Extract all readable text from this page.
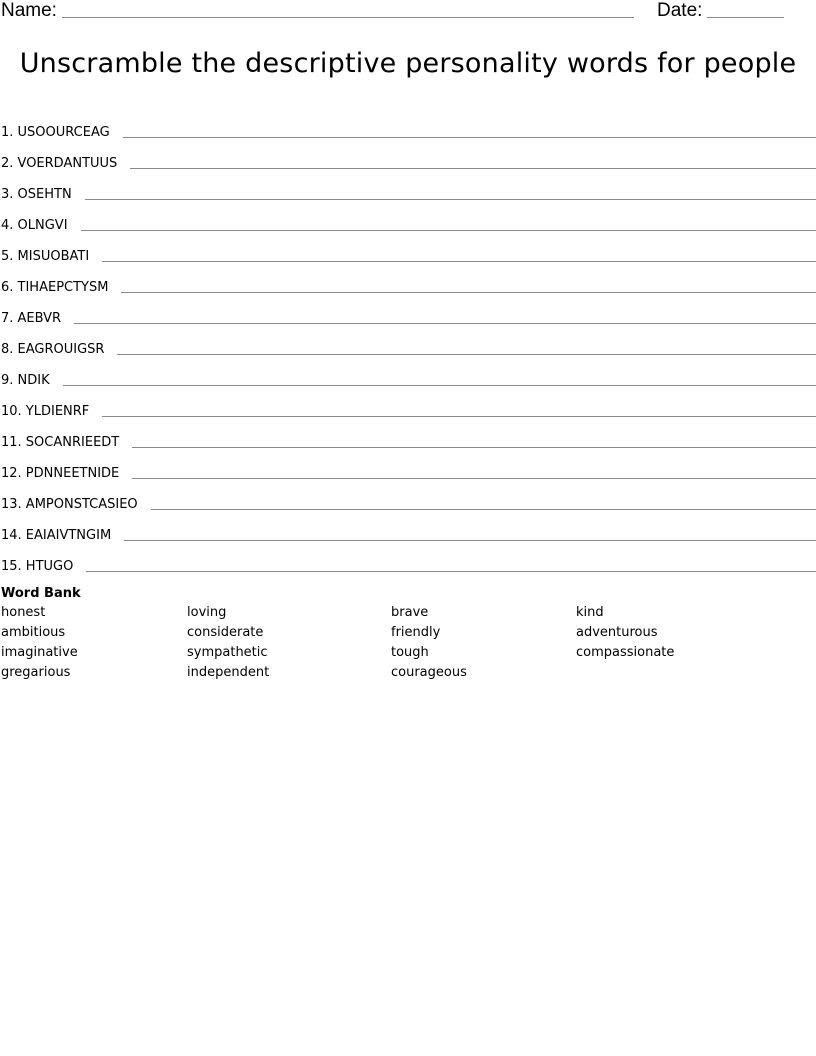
Name:	Date:
Unscramble the descriptive personality words for people
1. USOOURCEAG
2. VOERDANTUUS
3. OSEHTN
4. OLNGVI
5. MISUOBATI
6. TIHAEPCTYSM
7. AEBVR
8. EAGROUIGSR
9. NDIK
10. YLDIENRF
11. SOCANRIEEDT
12. PDNNEETNIDE
13. AMPONSTCASIEO
14. EAIAIVTNGIM
15. HTUGO
Word Bank
honest	loving	brave	kind
ambitious	considerate	friendly	adventurous
imaginative	sympathetic	tough	compassionate
gregarious	independent	courageous
